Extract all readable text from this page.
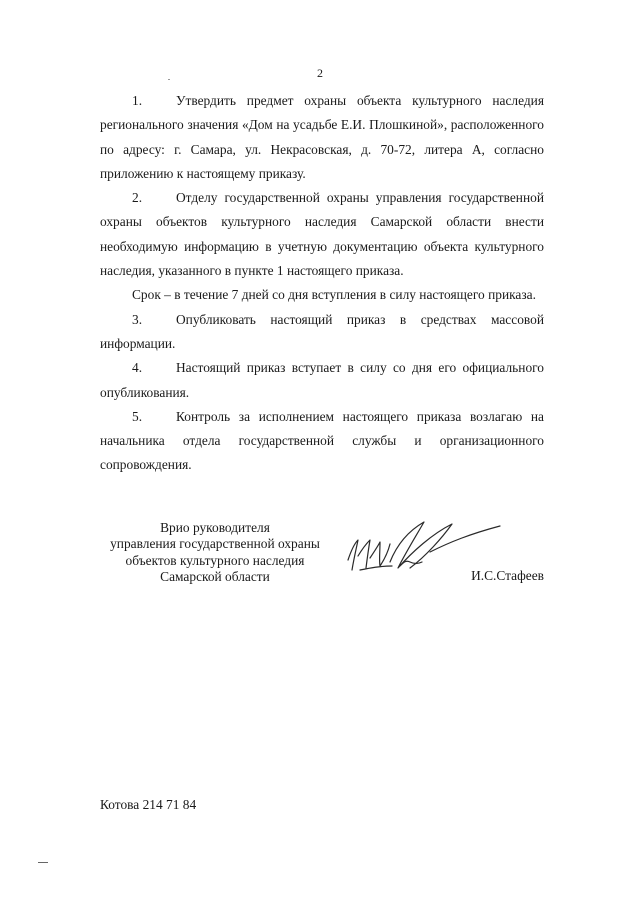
2

1.	Утвердить предмет охраны объекта культурного наследия регионального значения «Дом на усадьбе Е.И. Плошкиной», расположенного по адресу: г. Самара, ул. Некрасовская, д. 70-72, литера А, согласно приложению к настоящему приказу.

2.	Отделу государственной охраны управления государственной охраны объектов культурного наследия Самарской области внести необходимую информацию в учетную документацию объекта культурного наследия, указанного в пункте 1 настоящего приказа.

Срок – в течение 7 дней со дня вступления в силу настоящего приказа.

3.	Опубликовать настоящий приказ в средствах массовой информации.

4.	Настоящий приказ вступает в силу со дня его официального опубликования.

5.	Контроль за исполнением настоящего приказа возлагаю на начальника отдела государственной службы и организационного сопровождения.

Врио руководителя
управления государственной охраны
объектов культурного наследия
Самарской области	И.С.Стафеев
Котова 214 71 84
